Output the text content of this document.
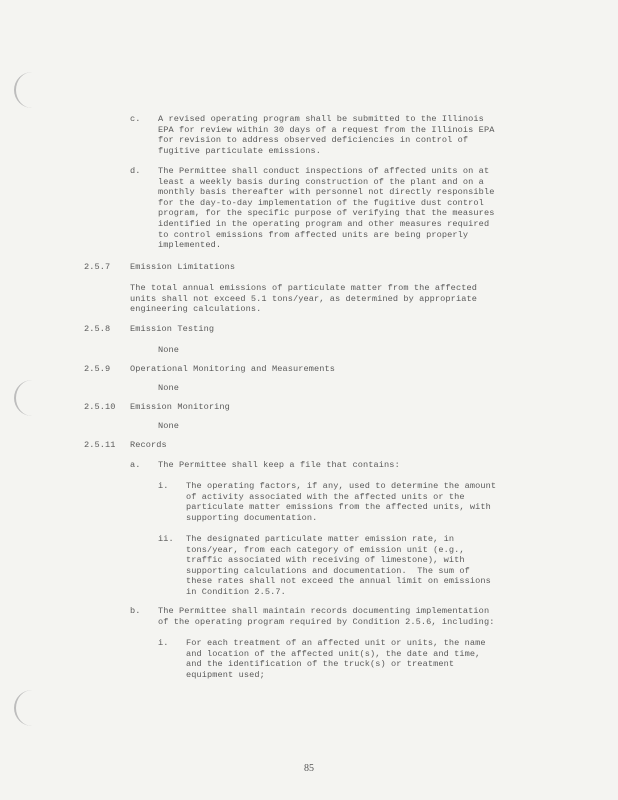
c. A revised operating program shall be submitted to the Illinois
EPA for review within 30 days of a request from the Illinois EPA
for revision to address observed deficiencies in control of
fugitive particulate emissions.
d. The Permittee shall conduct inspections of affected units on at
least a weekly basis during construction of the plant and on a
monthly basis thereafter with personnel not directly responsible
for the day-to-day implementation of the fugitive dust control
program, for the specific purpose of verifying that the measures
identified in the operating program and other measures required
to control emissions from affected units are being properly
implemented.
2.5.7 Emission Limitations
The total annual emissions of particulate matter from the affected
units shall not exceed 5.1 tons/year, as determined by appropriate
engineering calculations.
2.5.8 Emission Testing
None
2.5.9 Operational Monitoring and Measurements
None
2.5.10 Emission Monitoring
None
2.5.11 Records
a. The Permittee shall keep a file that contains:
i. The operating factors, if any, used to determine the amount
of activity associated with the affected units or the
particulate matter emissions from the affected units, with
supporting documentation.
ii. The designated particulate matter emission rate, in
tons/year, from each category of emission unit (e.g.,
traffic associated with receiving of limestone), with
supporting calculations and documentation.  The sum of
these rates shall not exceed the annual limit on emissions
in Condition 2.5.7.
b. The Permittee shall maintain records documenting implementation
of the operating program required by Condition 2.5.6, including:
i. For each treatment of an affected unit or units, the name
and location of the affected unit(s), the date and time,
and the identification of the truck(s) or treatment
equipment used;
85
